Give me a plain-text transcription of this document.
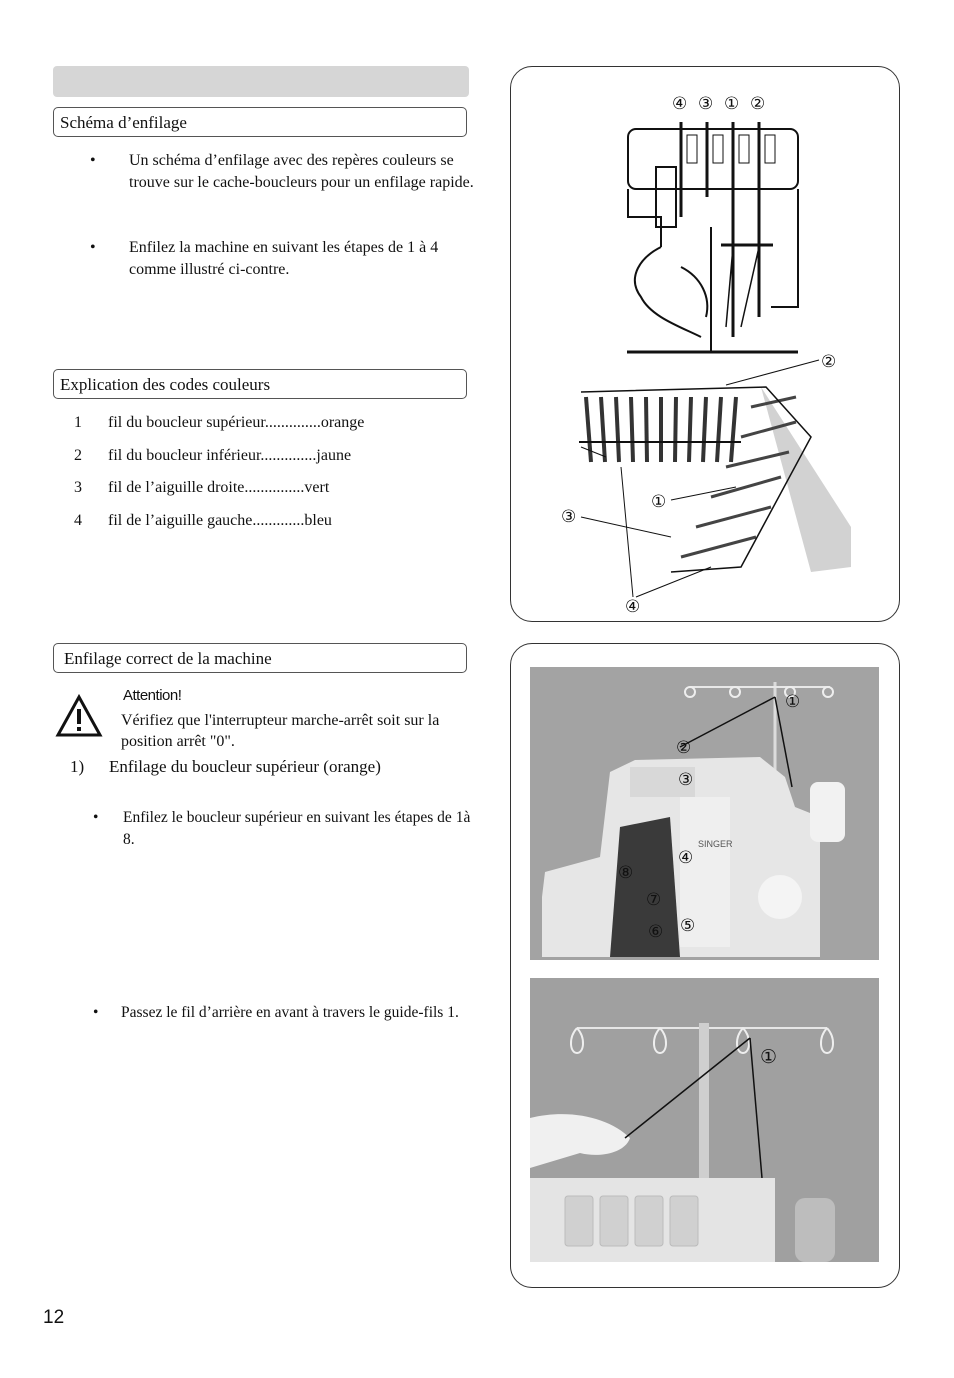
Schéma d’enfilage
• Un schéma d’enfilage avec des repères couleurs se trouve sur le cache-boucleurs pour un enfilage rapide.
• Enfilez la machine en suivant les étapes de 1 à 4 comme illustré ci-contre.
Explication des codes couleurs
1 fil du boucleur supérieur..............orange
2 fil du boucleur inférieur..............jaune
3 fil de l’aiguille droite...............vert
4 fil de l’aiguille gauche.............bleu
Enfilage correct de la machine
Attention!
Vérifiez que l'interrupteur marche-arrêt soit sur la position arrêt "0".
1) Enfilage du boucleur supérieur (orange)
• Enfilez le boucleur supérieur en suivant les étapes de 1à 8.
• Passez le fil d’arrière en avant à travers le guide-fils 1.
④ ③ ① ②
②
①
③
④
SINGER
①
②
③
④
⑤
⑥
⑦
⑧
①
12
